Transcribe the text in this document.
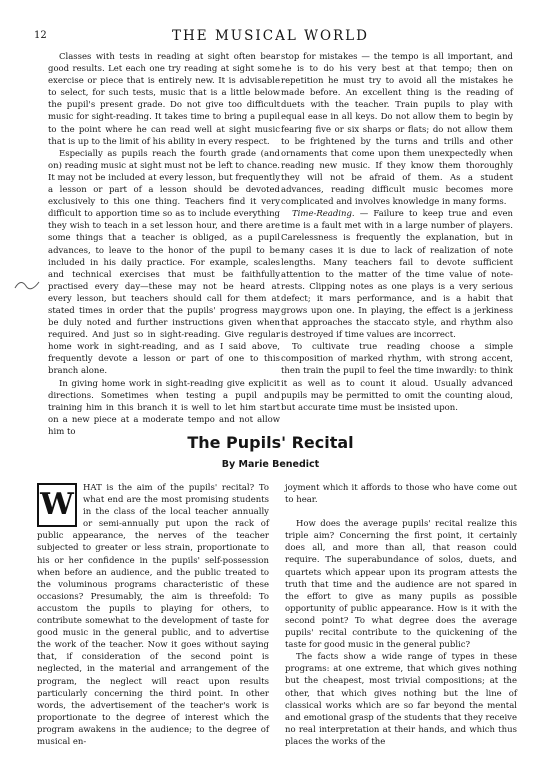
12	THE MUSICAL WORLD

Classes with tests in reading at sight often bear good results. Let each one try reading at sight some exercise or piece that is entirely new. It is advisable to select, for such tests, music that is a little below the pupil's present grade. Do not give too difficult music for sight-reading. It takes time to bring a pupil to the point where he can read well at sight music that is up to the limit of his ability in every respect.

Especially as pupils reach the fourth grade (and on) reading music at sight must not be left to chance. It may not be included at every lesson, but frequently a lesson or part of a lesson should be devoted exclusively to this one thing. Teachers find it very difficult to apportion time so as to include everything they wish to teach in a set lesson hour, and there are some things that a teacher is obliged, as a pupil advances, to leave to the honor of the pupil to be included in his daily practice. For example, scales and technical exercises that must be faithfully practised every day—these may not be heard at every lesson, but teachers should call for them at stated times in order that the pupils' progress may be duly noted and further instructions given when required. And just so in sight-reading. Give regular home work in sight-reading, and as I said above, frequently devote a lesson or part of one to this branch alone.

In giving home work in sight-reading give explicit directions. Sometimes when testing a pupil and training him in this branch it is well to let him start on a new piece at a moderate tempo and not allow him to

stop for mistakes — the tempo is all important, and he is to do his very best at that tempo; then on repetition he must try to avoid all the mistakes he made before. An excellent thing is the reading of duets with the teacher. Train pupils to play with equal ease in all keys. Do not allow them to begin by fearing five or six sharps or flats; do not allow them to be frightened by the turns and trills and other ornaments that come upon them unexpectedly when reading new music. If they know them thoroughly they will not be afraid of them. As a student advances, reading difficult music becomes more complicated and involves knowledge in many forms.

Time-Reading. — Failure to keep true and even time is a fault met with in a large number of players. Carelessness is frequently the explanation, but in many cases it is due to lack of realization of note lengths. Many teachers fail to devote sufficient attention to the matter of the time value of note-rests. Clipping notes as one plays is a very serious defect; it mars performance, and is a habit that grows upon one. In playing, the effect is a jerkiness that approaches the staccato style, and rhythm also is destroyed if time values are incorrect.

To cultivate true reading choose a simple composition of marked rhythm, with strong accent, then train the pupil to feel the time inwardly: to think it as well as to count it aloud. Usually advanced pupils may be permitted to omit the counting aloud, but accurate time must be insisted upon.

The Pupils' Recital
By Marie Benedict
W	HAT is the aim of the pupils' recital? To what end are the most promising students in the class of the local teacher annually or semi-annually put upon the rack of public appearance, the nerves of the teacher subjected to greater or less strain, proportionate to his or her confidence in the pupils' self-possession when before an audience, and the public treated to the voluminous programs characteristic of these occasions? Presumably, the aim is threefold: To accustom the pupils to playing for others, to contribute somewhat to the development of taste for good music in the general public, and to advertise the work of the teacher. Now it goes without saying that, if consideration of the second point is neglected, in the material and arrangement of the program, the neglect will react upon results particularly concerning the third point. In other words, the advertisement of the teacher's work is proportionate to the degree of interest which the program awakens in the audience; to the degree of musical en-

joyment which it affords to those who have come out to hear.

How does the average pupils' recital realize this triple aim? Concerning the first point, it certainly does all, and more than all, that reason could require. The superabundance of solos, duets, and quartets which appear upon its program attests the truth that time and the audience are not spared in the effort to give as many pupils as possible opportunity of public appearance. How is it with the second point? To what degree does the average pupils' recital contribute to the quickening of the taste for good music in the general public?

The facts show a wide range of types in these programs: at one extreme, that which gives nothing but the cheapest, most trivial compositions; at the other, that which gives nothing but the line of classical works which are so far beyond the mental and emotional grasp of the students that they receive no real interpretation at their hands, and which thus places the works of the
